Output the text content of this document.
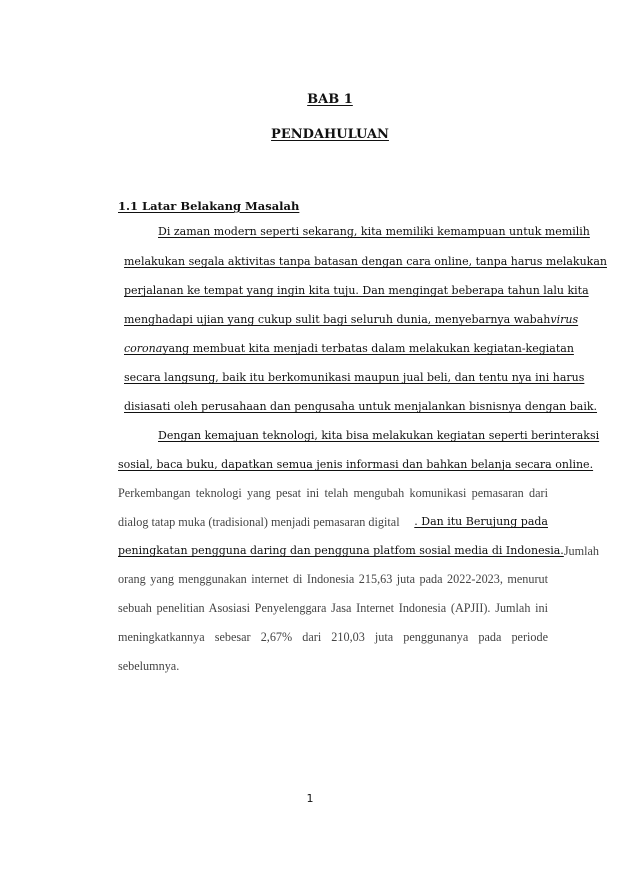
BAB 1
PENDAHULUAN
1.1 Latar Belakang Masalah
Di zaman modern seperti sekarang, kita memiliki kemampuan untuk memilih
melakukan segala aktivitas tanpa batasan dengan cara online, tanpa harus melakukan
perjalanan ke tempat yang ingin kita tuju. Dan mengingat beberapa tahun lalu kita
menghadapi ujian yang cukup sulit bagi seluruh dunia, menyebarnya wabah virus
corona yang membuat kita menjadi terbatas dalam melakukan kegiatan-kegiatan
secara langsung, baik itu berkomunikasi maupun jual beli, dan tentu nya ini harus
disiasati oleh perusahaan dan pengusaha untuk menjalankan bisnisnya dengan baik.
Dengan kemajuan teknologi, kita bisa melakukan kegiatan seperti berinteraksi
sosial, baca buku, dapatkan semua jenis informasi dan bahkan belanja secara online.
Perkembangan teknologi yang pesat ini telah mengubah komunikasi pemasaran dari
dialog tatap muka (tradisional) menjadi pemasaran digital . Dan itu Berujung pada
peningkatan pengguna daring dan pengguna platfom sosial media di Indonesia. Jumlah
orang yang menggunakan internet di Indonesia 215,63 juta pada 2022-2023, menurut
sebuah penelitian Asosiasi Penyelenggara Jasa Internet Indonesia (APJII). Jumlah ini
meningkatkannya sebesar 2,67% dari 210,03 juta penggunanya pada periode
sebelumnya.
1
